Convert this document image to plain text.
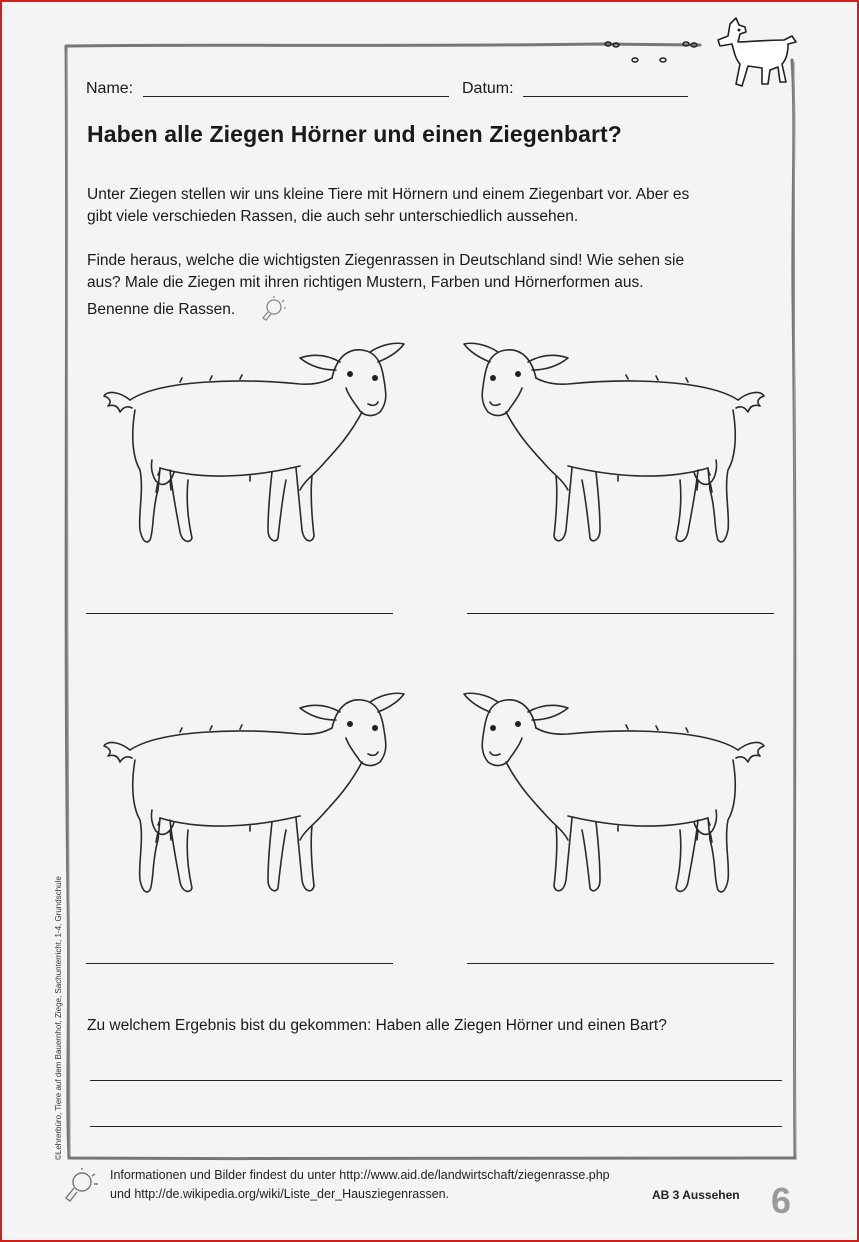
Name:	Datum:
Haben alle Ziegen Hörner und einen Ziegenbart?
Unter Ziegen stellen wir uns kleine Tiere mit Hörnern und einem Ziegenbart vor. Aber es
gibt viele verschieden Rassen, die auch sehr unterschiedlich aussehen.
Finde heraus, welche die wichtigsten Ziegenrassen in Deutschland sind! Wie sehen sie
aus? Male die Ziegen mit ihren richtigen Mustern, Farben und Hörnerformen aus.
Benenne die Rassen.
Zu welchem Ergebnis bist du gekommen: Haben alle Ziegen Hörner und einen Bart?
Informationen und Bilder findest du unter http://www.aid.de/landwirtschaft/ziegenrasse.php
und http://de.wikipedia.org/wiki/Liste_der_Hausziegenrassen.	AB 3 Aussehen 6
©Lehrerbüro, Tiere auf dem Bauernhof, Ziege, Sachunterricht, 1-4, Grundschule
